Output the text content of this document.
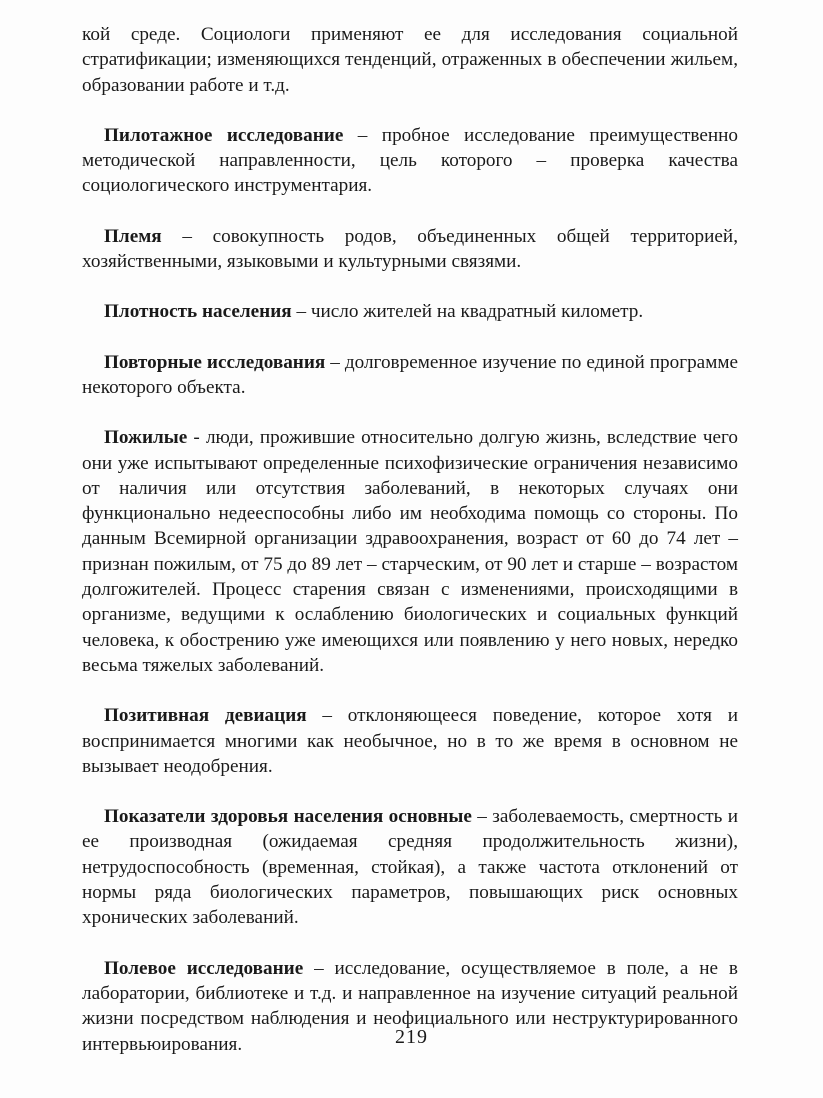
кой среде. Социологи применяют ее для исследования социальной стратификации; изменяющихся тенденций, отраженных в обеспечении жильем, образовании работе и т.д.

Пилотажное исследование – пробное исследование преимущественно методической направленности, цель которого – проверка качества социологического инструментария.

Племя – совокупность родов, объединенных общей территорией, хозяйственными, языковыми и культурными связями.

Плотность населения – число жителей на квадратный километр.

Повторные исследования – долговременное изучение по единой программе некоторого объекта.

Пожилые - люди, прожившие относительно долгую жизнь, вследствие чего они уже испытывают определенные психофизические ограничения независимо от наличия или отсутствия заболеваний, в некоторых случаях они функционально недееспособны либо им необходима помощь со стороны. По данным Всемирной организации здравоохранения, возраст от 60 до 74 лет – признан пожилым, от 75 до 89 лет – старческим, от 90 лет и старше – возрастом долгожителей. Процесс старения связан с изменениями, происходящими в организме, ведущими к ослаблению биологических и социальных функций человека, к обострению уже имеющихся или появлению у него новых, нередко весьма тяжелых заболеваний.

Позитивная девиация – отклоняющееся поведение, которое хотя и воспринимается многими как необычное, но в то же время в основном не вызывает неодобрения.

Показатели здоровья населения основные – заболеваемость, смертность и ее производная (ожидаемая средняя продолжительность жизни), нетрудоспособность (временная, стойкая), а также частота отклонений от нормы ряда биологических параметров, повышающих риск основных хронических заболеваний.

Полевое исследование – исследование, осуществляемое в поле, а не в лаборатории, библиотеке и т.д. и направленное на изучение ситуаций реальной жизни посредством наблюдения и неофициального или неструктурированного интервьюирования.	219
